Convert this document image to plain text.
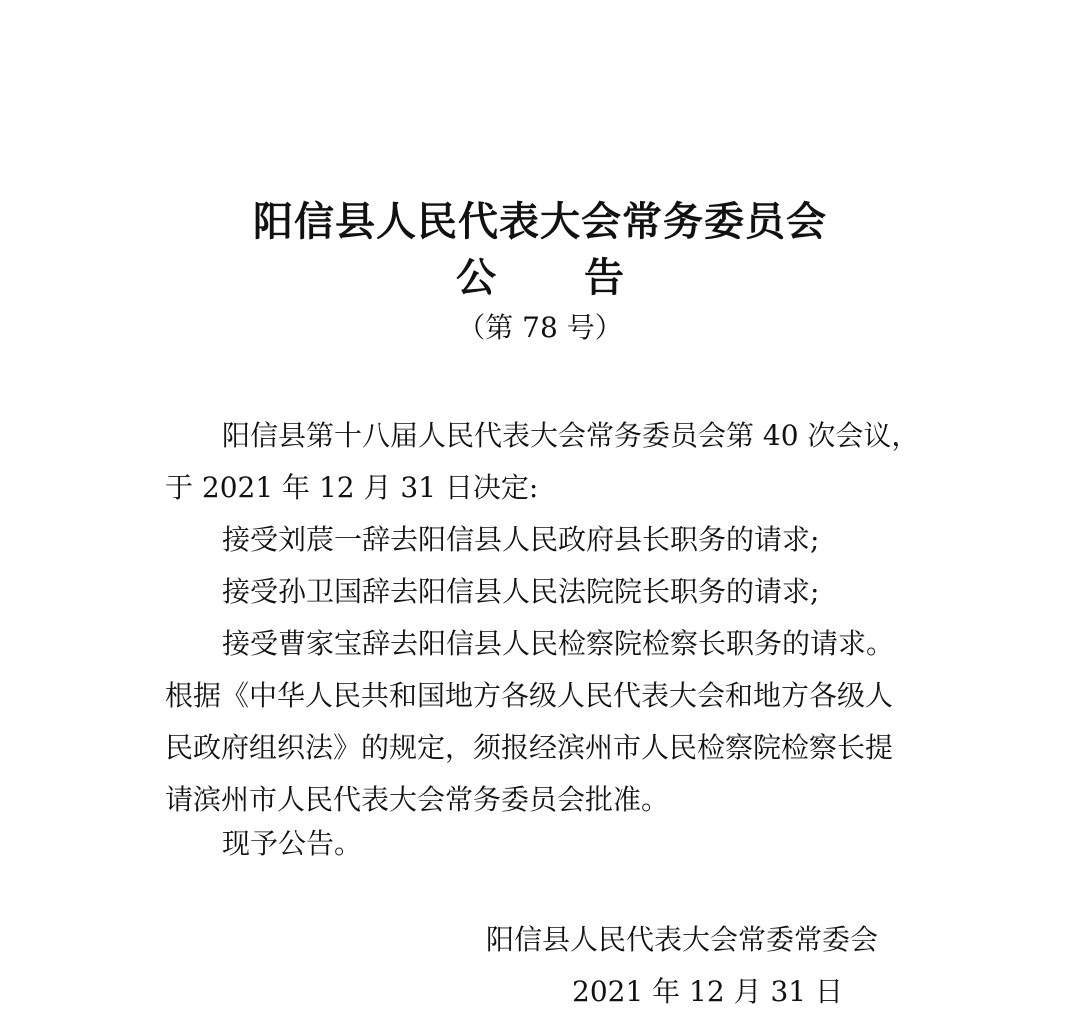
阳信县人民代表大会常务委员会
公 告
（第 78 号）
阳信县第十八届人民代表大会常务委员会第 40 次会议，
于 2021 年 12 月 31 日决定:
接受刘莀一辞去阳信县人民政府县长职务的请求;
接受孙卫国辞去阳信县人民法院院长职务的请求;
接受曹家宝辞去阳信县人民检察院检察长职务的请求。
根据《中华人民共和国地方各级人民代表大会和地方各级人
民政府组织法》的规定，须报经滨州市人民检察院检察长提
请滨州市人民代表大会常务委员会批准。
现予公告。
阳信县人民代表大会常委常委会
2021 年 12 月 31 日
